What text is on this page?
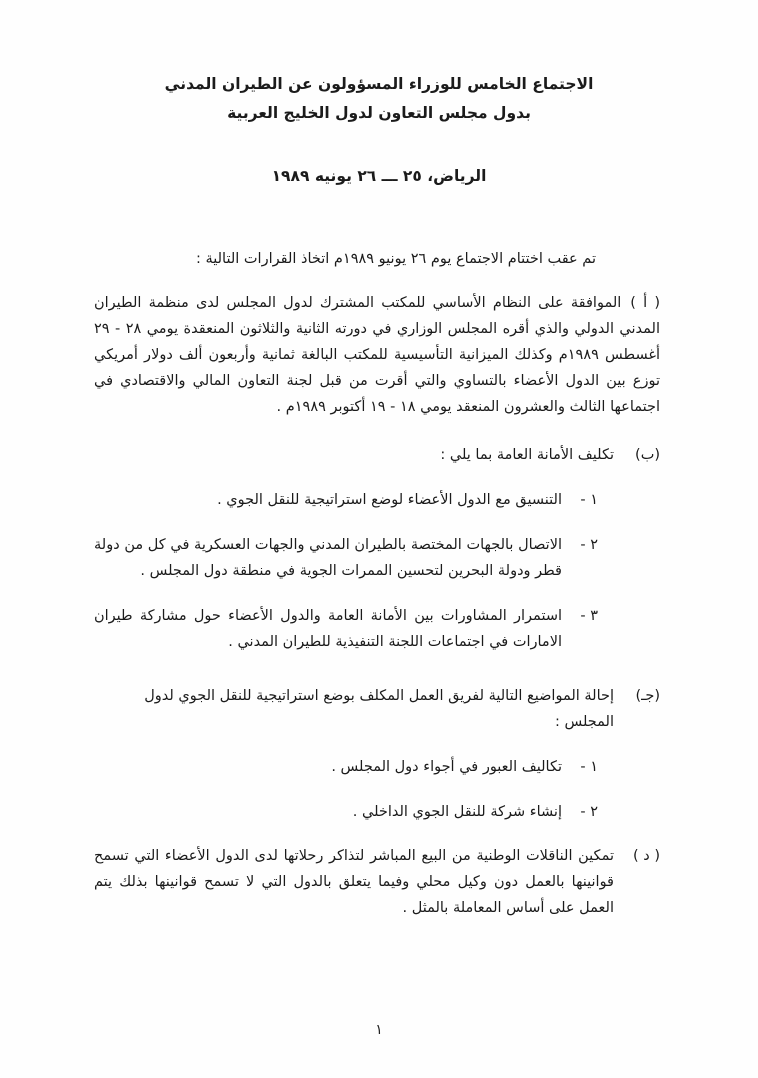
الاجتماع الخامس للوزراء المسؤولون عن الطيران المدني
بدول مجلس التعاون لدول الخليج العربية
الرياض، ٢٥ ـــ ٢٦ يونيه ١٩٨٩

تم عقب اختتام الاجتماع يوم ٢٦ يونيو ١٩٨٩م اتخاذ القرارات التالية :

( أ )الموافقة على النظام الأساسي للمكتب المشترك لدول المجلس لدى منظمة الطيران المدني الدولي والذي أقره المجلس الوزاري في دورته الثانية والثلاثون المنعقدة يومي ٢٨ - ٢٩ أغسطس ١٩٨٩م وكذلك الميزانية التأسيسية للمكتب البالغة ثمانية وأربعون ألف دولار أمريكي توزع بين الدول الأعضاء بالتساوي والتي أقرت من قبل لجنة التعاون المالي والاقتصادي في اجتماعها الثالث والعشرون المنعقد يومي ١٨ - ١٩ أكتوبر ١٩٨٩م .

(ب)
تكليف الأمانة العامة بما يلي :
١ -
التنسيق مع الدول الأعضاء لوضع استراتيجية للنقل الجوي .
٢ -
الاتصال بالجهات المختصة بالطيران المدني والجهات العسكرية في كل من دولة قطر ودولة البحرين لتحسين الممرات الجوية في منطقة دول المجلس .
٣ -
استمرار المشاورات بين الأمانة العامة والدول الأعضاء حول مشاركة طيران الامارات في اجتماعات اللجنة التنفيذية للطيران المدني .
(جـ)
إحالة المواضيع التالية لفريق العمل المكلف بوضع استراتيجية للنقل الجوي لدول المجلس :
١ -
تكاليف العبور في أجواء دول المجلس .
٢ -
إنشاء شركة للنقل الجوي الداخلي .
( د )
تمكين الناقلات الوطنية من البيع المباشر لتذاكر رحلاتها لدى الدول الأعضاء التي تسمح قوانينها بالعمل دون وكيل محلي وفيما يتعلق بالدول التي لا تسمح قوانينها بذلك يتم العمل على أساس المعاملة بالمثل .
١
